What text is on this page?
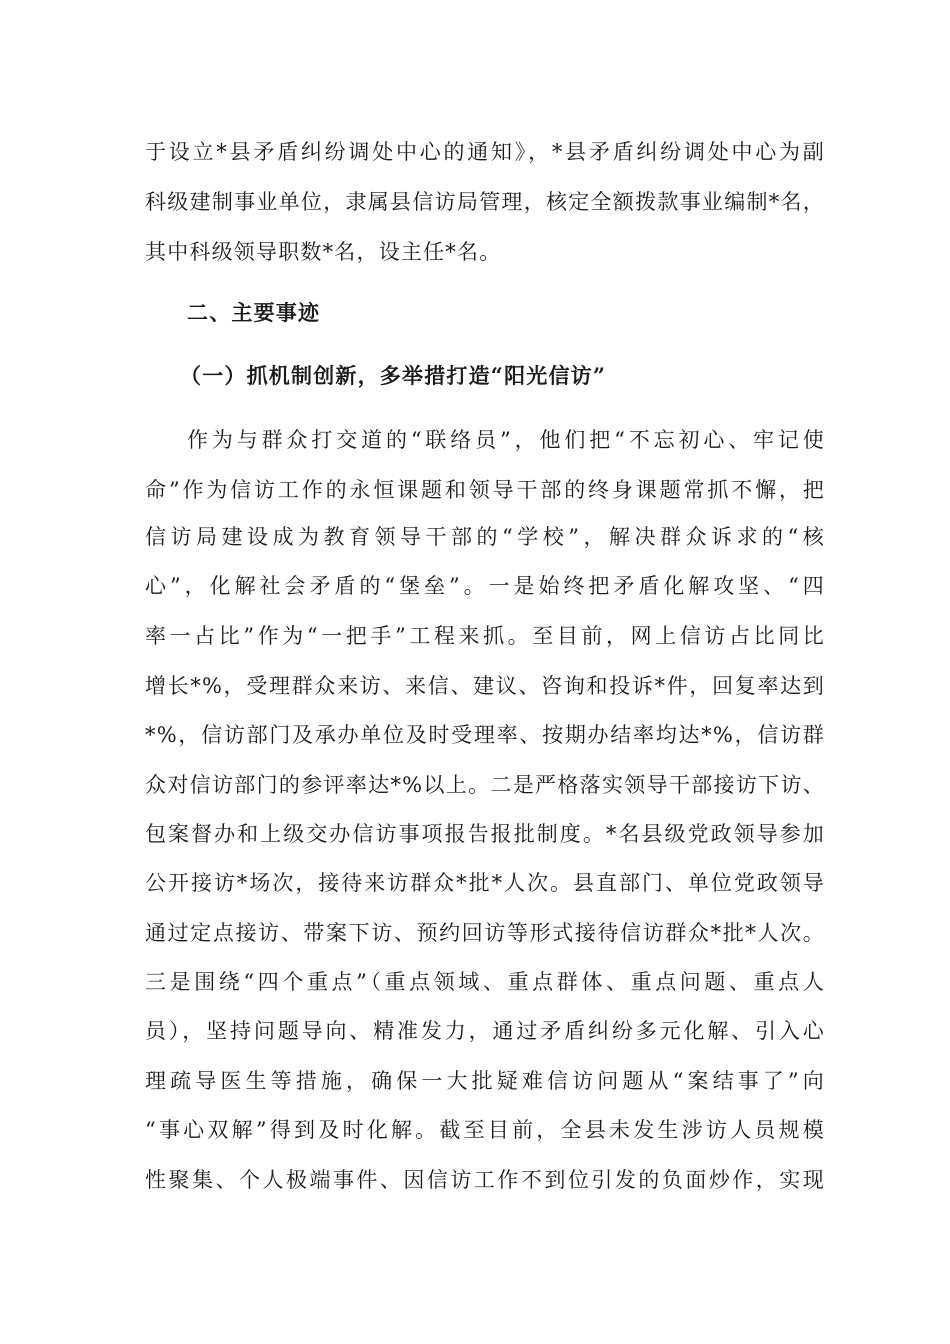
于设立*县矛盾纠纷调处中心的通知》，*县矛盾纠纷调处中心为副
科级建制事业单位，隶属县信访局管理，核定全额拨款事业编制*名，
其中科级领导职数*名，设主任*名。
二、主要事迹
（一）抓机制创新，多举措打造“阳光信访”
作为与群众打交道的“联络员”，他们把“不忘初心、牢记使
命”作为信访工作的永恒课题和领导干部的终身课题常抓不懈，把
信访局建设成为教育领导干部的“学校”，解决群众诉求的“核
心”，化解社会矛盾的“堡垒”。一是始终把矛盾化解攻坚、“四
率一占比”作为“一把手”工程来抓。至目前，网上信访占比同比
增长*%，受理群众来访、来信、建议、咨询和投诉*件，回复率达到
*%，信访部门及承办单位及时受理率、按期办结率均达*%，信访群
众对信访部门的参评率达*%以上。二是严格落实领导干部接访下访、
包案督办和上级交办信访事项报告报批制度。*名县级党政领导参加
公开接访*场次，接待来访群众*批*人次。县直部门、单位党政领导
通过定点接访、带案下访、预约回访等形式接待信访群众*批*人次。
三是围绕“四个重点”（重点领域、重点群体、重点问题、重点人
员），坚持问题导向、精准发力，通过矛盾纠纷多元化解、引入心
理疏导医生等措施，确保一大批疑难信访问题从“案结事了”向
“事心双解”得到及时化解。截至目前，全县未发生涉访人员规模
性聚集、个人极端事件、因信访工作不到位引发的负面炒作，实现
